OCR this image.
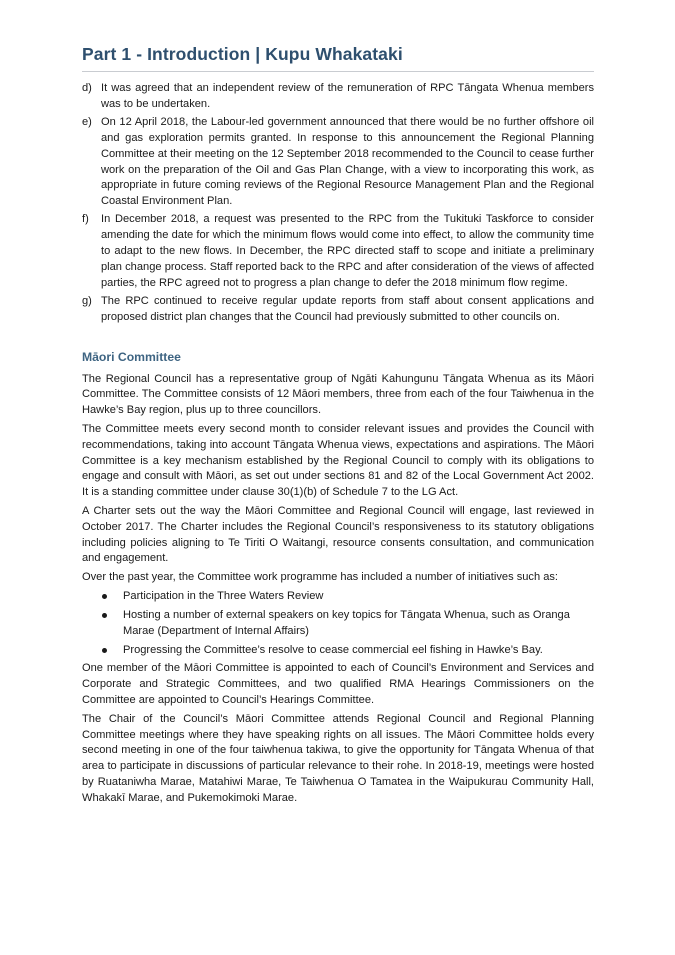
Part 1 - Introduction | Kupu Whakataki
d) It was agreed that an independent review of the remuneration of RPC Tāngata Whenua members was to be undertaken.
e) On 12 April 2018, the Labour-led government announced that there would be no further offshore oil and gas exploration permits granted. In response to this announcement the Regional Planning Committee at their meeting on the 12 September 2018 recommended to the Council to cease further work on the preparation of the Oil and Gas Plan Change, with a view to incorporating this work, as appropriate in future coming reviews of the Regional Resource Management Plan and the Regional Coastal Environment Plan.
f) In December 2018, a request was presented to the RPC from the Tukituki Taskforce to consider amending the date for which the minimum flows would come into effect, to allow the community time to adapt to the new flows. In December, the RPC directed staff to scope and initiate a preliminary plan change process. Staff reported back to the RPC and after consideration of the views of affected parties, the RPC agreed not to progress a plan change to defer the 2018 minimum flow regime.
g) The RPC continued to receive regular update reports from staff about consent applications and proposed district plan changes that the Council had previously submitted to other councils on.
Māori Committee

The Regional Council has a representative group of Ngāti Kahungunu Tāngata Whenua as its Māori Committee. The Committee consists of 12 Māori members, three from each of the four Taiwhenua in the Hawke’s Bay region, plus up to three councillors.

The Committee meets every second month to consider relevant issues and provides the Council with recommendations, taking into account Tāngata Whenua views, expectations and aspirations. The Māori Committee is a key mechanism established by the Regional Council to comply with its obligations to engage and consult with Māori, as set out under sections 81 and 82 of the Local Government Act 2002. It is a standing committee under clause 30(1)(b) of Schedule 7 to the LG Act.

A Charter sets out the way the Māori Committee and Regional Council will engage, last reviewed in October 2017. The Charter includes the Regional Council’s responsiveness to its statutory obligations including policies aligning to Te Tiriti O Waitangi, resource consents consultation, and communication and engagement.

Over the past year, the Committee work programme has included a number of initiatives such as:

Participation in the Three Waters Review
Hosting a number of external speakers on key topics for Tāngata Whenua, such as Oranga Marae (Department of Internal Affairs)
Progressing the Committee’s resolve to cease commercial eel fishing in Hawke’s Bay.

One member of the Māori Committee is appointed to each of Council’s Environment and Services and Corporate and Strategic Committees, and two qualified RMA Hearings Commissioners on the Committee are appointed to Council’s Hearings Committee.

The Chair of the Council’s Māori Committee attends Regional Council and Regional Planning Committee meetings where they have speaking rights on all issues. The Māori Committee holds every second meeting in one of the four taiwhenua takiwa, to give the opportunity for Tāngata Whenua of that area to participate in discussions of particular relevance to their rohe. In 2018-19, meetings were hosted by Ruataniwha Marae, Matahiwi Marae, Te Taiwhenua O Tamatea in the Waipukurau Community Hall, Whakakī Marae, and Pukemokimoki Marae.
